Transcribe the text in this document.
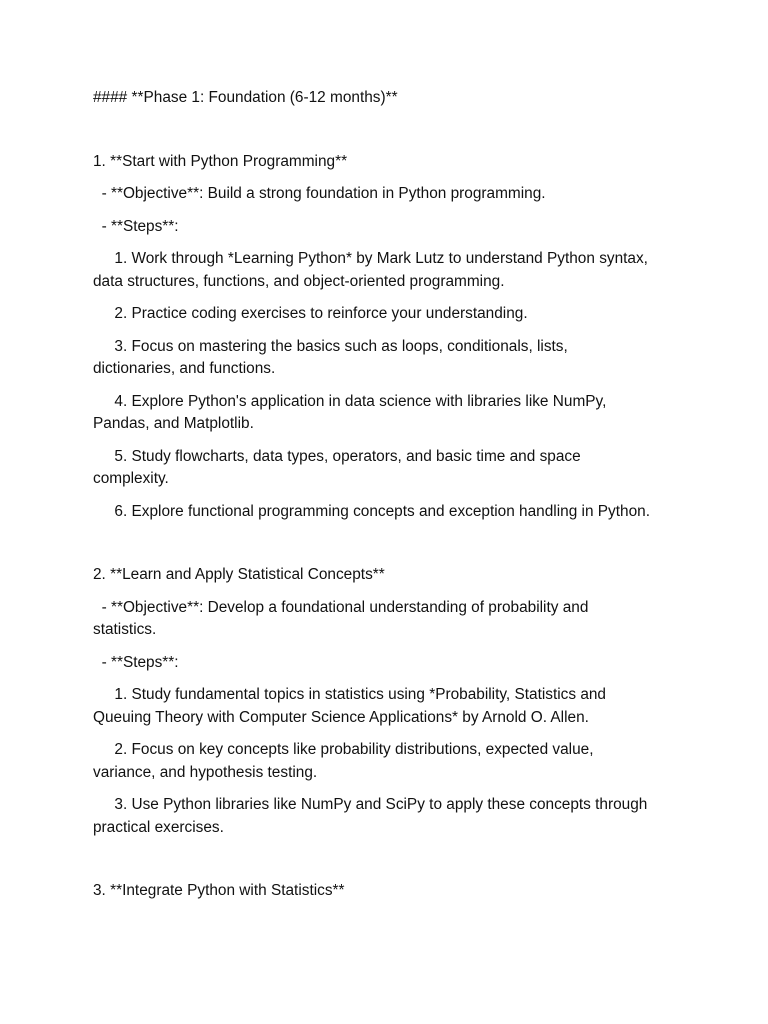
#### **Phase 1: Foundation (6-12 months)**

1. **Start with Python Programming**

- **Objective**: Build a strong foundation in Python programming.

- **Steps**:

1. Work through *Learning Python* by Mark Lutz to understand Python syntax, data structures, functions, and object-oriented programming.

2. Practice coding exercises to reinforce your understanding.

3. Focus on mastering the basics such as loops, conditionals, lists, dictionaries, and functions.

4. Explore Python's application in data science with libraries like NumPy, Pandas, and Matplotlib.

5. Study flowcharts, data types, operators, and basic time and space complexity.

6. Explore functional programming concepts and exception handling in Python.

2. **Learn and Apply Statistical Concepts**

- **Objective**: Develop a foundational understanding of probability and statistics.

- **Steps**:

1. Study fundamental topics in statistics using *Probability, Statistics and Queuing Theory with Computer Science Applications* by Arnold O. Allen.

2. Focus on key concepts like probability distributions, expected value, variance, and hypothesis testing.

3. Use Python libraries like NumPy and SciPy to apply these concepts through practical exercises.

3. **Integrate Python with Statistics**
